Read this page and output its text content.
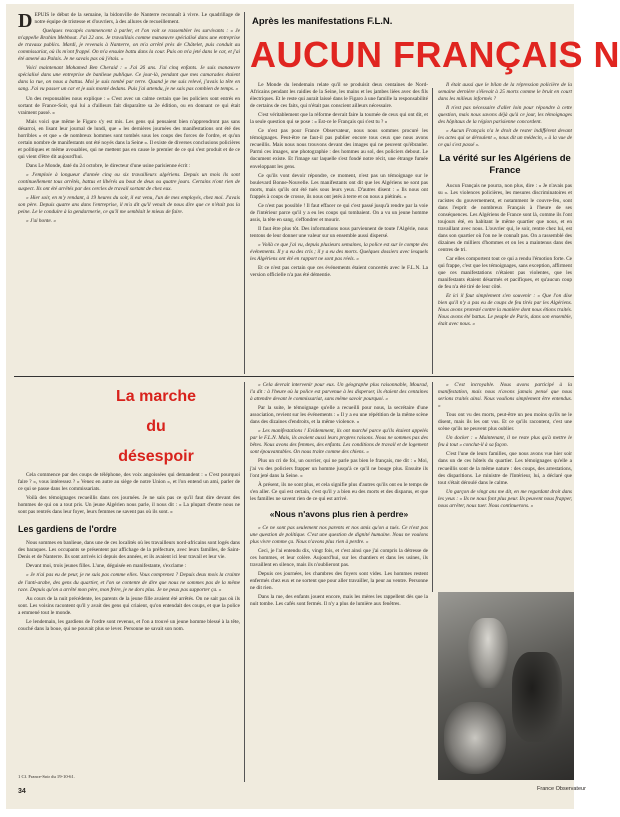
Après les manifestations F.L.N.
AUCUN FRANÇAIS N

DEPUIS le début de la semaine, la bidonville de Nanterre reconnaît à vivre. Le quadrillage de notre équipe de tristesse et d'ouvriers, à des allures de recueillement.

Quelques rescapés commencent à parler, et l'on voit se rassembler les survivants : « Je m'appelle Brahim Mebhout. J'ai 22 ans. Je travaillais comme manœuvre spécialisé dans une entreprise de travaux publics. Mardi, je revenais à Nanterre, on m'a arrêté près de Châtelet, puis conduit au commissariat, où ils m'ont frappé. On m'a ensuite battu dans la cour. Puis on m'a jeté dans le car, et j'ai été amené au Palais. Je ne savais pas où j'étais. »

Voici maintenant Mohamed Ben Cheraid : « J'ai 26 ans. J'ai cinq enfants. Je suis manœuvre spécialisé dans une entreprise de banlieue publique. Ce jour-là, pendant que mes camarades étaient dans la rue, on nous a battus. Moi je suis tombé par terre. Quand je me suis relevé, j'avais la tête en sang. J'ai vu passer un car et je suis monté dedans. Puis j'ai attendu, je ne sais pas combien de temps. »

Un des responsables nous explique : « C'est avec un calme certain que les policiers sont entrés en sortant de France-Soir, qui lui a d'ailleurs fait disparaître sa 2e édition, ou en donnant ce qui était vraiment passé. »

Mais voici que même le Figaro s'y est mis. Les gens qui pensaient bien n'apprendront pas sans désarroi, en lisant leur journal de lundi, que « les dernières journées des manifestations ont été des horribles » et que « de nombreux hommes sont tombés sous les coups des forces de l'ordre, et qu'un certain nombre de manifestants ont été noyés dans la Seine ». Il existe de diverses conclusions policières et politiques et même avouables, qui ne mettent pas en cause le premier de ce qui s'est produit et de ce qui vient d'être dit aujourd'hui.

Dans Le Monde, daté du 24 octobre, le directeur d'une usine parisienne écrit :

« J'emploie à longueur d'année cinq ou six travailleurs algériens. Depuis un mois ils sont continuellement tous arrêtés, battus et libérés au bout de deux ou quatre jours. Certains n'ont rien de suspect. Ils ont été arrêtés par des cercles de travail sortant de chez eux.

« Hier soir, en m'y rendant, à 19 heures du soir, il est venu, l'un de mes employés, chez moi. J'avais son père. Depuis quatre ans dans l'entreprise, il m'a dit qu'il venait de nous dire que ce n'était pas la peine. Le le conduire à la gendarmerie, ce qu'il me semblait le mieux de faire.

« J'ai honte. »

Le Monde du lendemain relate qu'il se produisit deux centaines de Nord-Africains pendant les raidies de la Seine, les mains et les jambes liées avec des fils électriques. Et le reste qui aurait laissé dans le Figaro à une famille la responsabilité de certains de ces faits, qui n'était pas conscient ailleurs nécessaire.

C'est véritablement que la réforme devrait faire la tournée de ceux qui ont dit, et la seule question qui se pose : « Est-ce le Français qui s'est tu ? »

Ce n'est pas pour France Observateur, nous nous sommes procuré les témoignages. Peut-être ne faut-il pas publier encore tous ceux que nous avons recueillis. Mais nous nous trouvons devant des images qui ne peuvent qu'ébranler. Parmi ces images, une photographie : des hommes au sol, des policiers debout. Le document existe. Et l'image sur laquelle s'est fondé notre récit, une étrange fumée enveloppant les gens.

Ce qu'ils vont devoir répondre, ce moment, n'est pas un témoignage sur le boulevard Bonne-Nouvelle. Les manifestants ont dit que les Algériens ne sont pas morts, mais qu'ils ont été tués sous leurs yeux. D'autres disent : « Ils nous ont frappés à coups de crosse, ils nous ont jetés à terre et on nous a piétinés. »

Ce n'est pas possible ! Il faut effacer ce qui c'est passé jusqu'à rendre par la voie de l'intérieur parce qu'il y a eu les coups qui tombaient. On a vu un jeune homme assis, la tête en sang, s'effondrer et mourir.

Il faut être plus tôt. Des informations nous parviennent de toute l'Algérie, nous tentons de leur donner une valeur sur un ensemble aussi dispersé.

« Voilà ce que j'ai vu, depuis plusieurs semaines, la police est sur le compte des événements. Il y a eu des cris ; il y a eu des morts. Quelques dossiers avec lesquels les Algériens ont été en rapport ne sont pas réels. »

Et ce n'est pas certain que ces événements étaient concertés avec le F.L.N. La version officielle n'a pas été démentie.

Il était aussi que le bilan de la répression policière de la semaine dernière s'élevait à 25 morts comme le bruit en court dans les milieux informés ?

Il n'est pas nécessaire d'aller loin pour répondre à cette question, mais nous savons déjà qu'à ce jour, les témoignages des hôpitaux de la région parisienne concordent.

« Aucun Français n'a le droit de rester indifférent devant les actes qui se déroulent », nous dit un médecin, « à la vue de ce qui s'est passé ».

La vérité sur les Algériens de France

Aucun Français ne pourra, non plus, dire : « Je n'avais pas su ». Les violences policières, les mesures discriminatoires et racistes du gouvernement, et notamment le couvre-feu, sont dans l'esprit de nombreux Français à l'heure de ses conséquences. Les Algériens de France sont là, comme ils l'ont toujours été, en habitant le même quartier que nous, et en travaillant avec nous. L'ouvrier qui, le soir, rentre chez lui, est dans son quartier où l'on ne le connaît pas. On a rassemblé des dizaines de milliers d'hommes et on les a maintenus dans des centres de tri.

Car elles comportent tout ce qui a rendu l'émotion forte. Ce qui frappe, c'est que les témoignages, sans exception, affirment que ces manifestations n'étaient pas violentes, que les manifestants étaient désarmés et pacifiques, et qu'aucun coup de feu n'a été tiré de leur côté.

Et ici il faut simplement s'en souvenir : « Que l'on dise bien qu'il n'y a pas eu de coups de feu tirés par les Algériens. Nous avons protesté contre la manière dont nous étions traités. Nous avons été battus. Le peuple de Paris, dans son ensemble, était avec nous. »

La marche
du
désespoir

Cela commence par des coups de téléphone, des voix angoissées qui demandent : « C'est pourquoi faire ? », vous intéressez ? « Venez en autre au siège de notre Union », et l'on entend un ami, parler de ce qui se passe dans les commissariats.

Voilà des témoignages recueillis dans ces journées. Je ne sais pas ce qu'il faut dire devant des hommes de qui on a tout pris. Un jeune Algérien nous parle, il nous dit : « La plupart d'entre nous ne sont pas rentrés dans leur foyer, leurs femmes ne savent pas où ils sont. »

Les gardiens de l'ordre

Nous sommes en banlieue, dans une de ces localités où les travailleurs nord-africains sont logés dans des baraques. Les occupants se présentent par affichage de la préfecture, avec leurs familles, de Saint-Denis et de Nanterre. Ils sont arrivés ici depuis des années, et ils avaient ici leur travail et leur vie.

Devant moi, trois jeunes filles. L'une, déguisée en manifestante, s'exclame :

« Je n'ai pas eu de peur, je ne suis pas comme elles. Vous comprenez ? Depuis deux mois la crainte de l'anti-arabe, des gens du quartier, et l'on se contente de dire que nous ne sommes pas de la même race. Depuis qu'on a arrêté mon père, mon frère, je ne dors plus. Je ne peux pas supporter ça. »

Au cours de la nuit précédente, les parents de la jeune fille avaient été arrêtés. On ne sait pas où ils sont. Les voisins racontent qu'il y avait des gens qui criaient, qu'on entendait des coups, et que la police a emmené tout le monde.

Le lendemain, les gardiens de l'ordre sont revenus, et l'on a trouvé un jeune homme blessé à la tête, couché dans la boue, qui ne pouvait plus se lever. Personne ne savait son nom.

1 Cf. France-Soir du 19-10-61.
34

« Cela devrait intervenir pour eux. Un géographe plus raisonnable, Mourad, l'a dit : à l'heure où la police est parvenue à les disperser, ils étaient des centaines à attendre devant le commissariat, sans même savoir pourquoi. »

Par la suite, le témoignage qu'elle a recueilli pour nous, la secrétaire d'une association, revient sur les événements : « Il y a eu une répétition de la même scène dans des dizaines d'endroits, et la même violence. »

« Les manifestations ! Evidemment, ils ont marché parce qu'ils étaient appelés par le F.L.N. Mais, ils avaient aussi leurs propres raisons. Nous ne sommes pas des bêtes. Nous avons des femmes, des enfants. Les conditions de travail et de logement sont épouvantables. On nous traite comme des chiens. »

Plus un cri de foi, un ouvrier, qui ne parle pas bien le français, me dit : « Moi, j'ai vu des policiers frapper un homme jusqu'à ce qu'il ne bouge plus. Ensuite ils l'ont jeté dans la Seine. »

À présent, ils ne sont plus, et cela signifie plus d'autres qu'ils ont eu le temps de s'en aller. Ce qui est certain, c'est qu'il y a bien eu des morts et des disparus, et que les familles ne savent rien de ce qui est arrivé.

«Nous n'avons plus rien à perdre»

« Ce ne sont pas seulement nos parents et nos amis qu'on a tués. Ce n'est pas une question de politique. C'est une question de dignité humaine. Nous ne voulons plus vivre comme ça. Nous n'avons plus rien à perdre. »

Ceci, je l'ai entendu dix, vingt fois, et c'est ainsi que j'ai compris la détresse de ces hommes, et leur colère. Aujourd'hui, sur les chantiers et dans les usines, ils travaillent en silence, mais ils n'oublieront pas.

Depuis ces journées, les chambres des foyers sont vides. Les hommes restent enfermés chez eux et ne sortent que pour aller travailler, la peur au ventre. Personne ne dit rien.

Dans la rue, des enfants jouent encore, mais les mères les rappellent dès que la nuit tombe. Les cafés sont fermés. Il n'y a plus de lumière aux fenêtres.

« C'est incroyable. Nous avons participé à la manifestation, mais nous n'avons jamais pensé que nous serions traités ainsi. Nous voulions simplement être entendus. »

Tous ont vu des morts, peut-être un peu moins qu'ils ne le disent, mais ils les ont vus. Et ce qu'ils racontent, c'est une scène qu'ils ne peuvent plus oublier.

Un docker : « Maintenant, il ne reste plus qu'à mettre le feu à tout » conclut-il à sa façon.

C'est l'une de leurs familles, que nous avons vue hier soir dans un de ces hôtels du quartier. Les témoignages qu'elle a recueillis sont de la même nature : des coups, des arrestations, des disparitions. Le ministre de l'Intérieur, lui, a déclaré que tout s'était déroulé dans le calme.

Un garçon de vingt ans me dit, en me regardant droit dans les yeux : « Ils ne nous font plus peur. Ils peuvent nous frapper, nous arrêter, nous tuer. Nous continuerons. »

France Observateur
